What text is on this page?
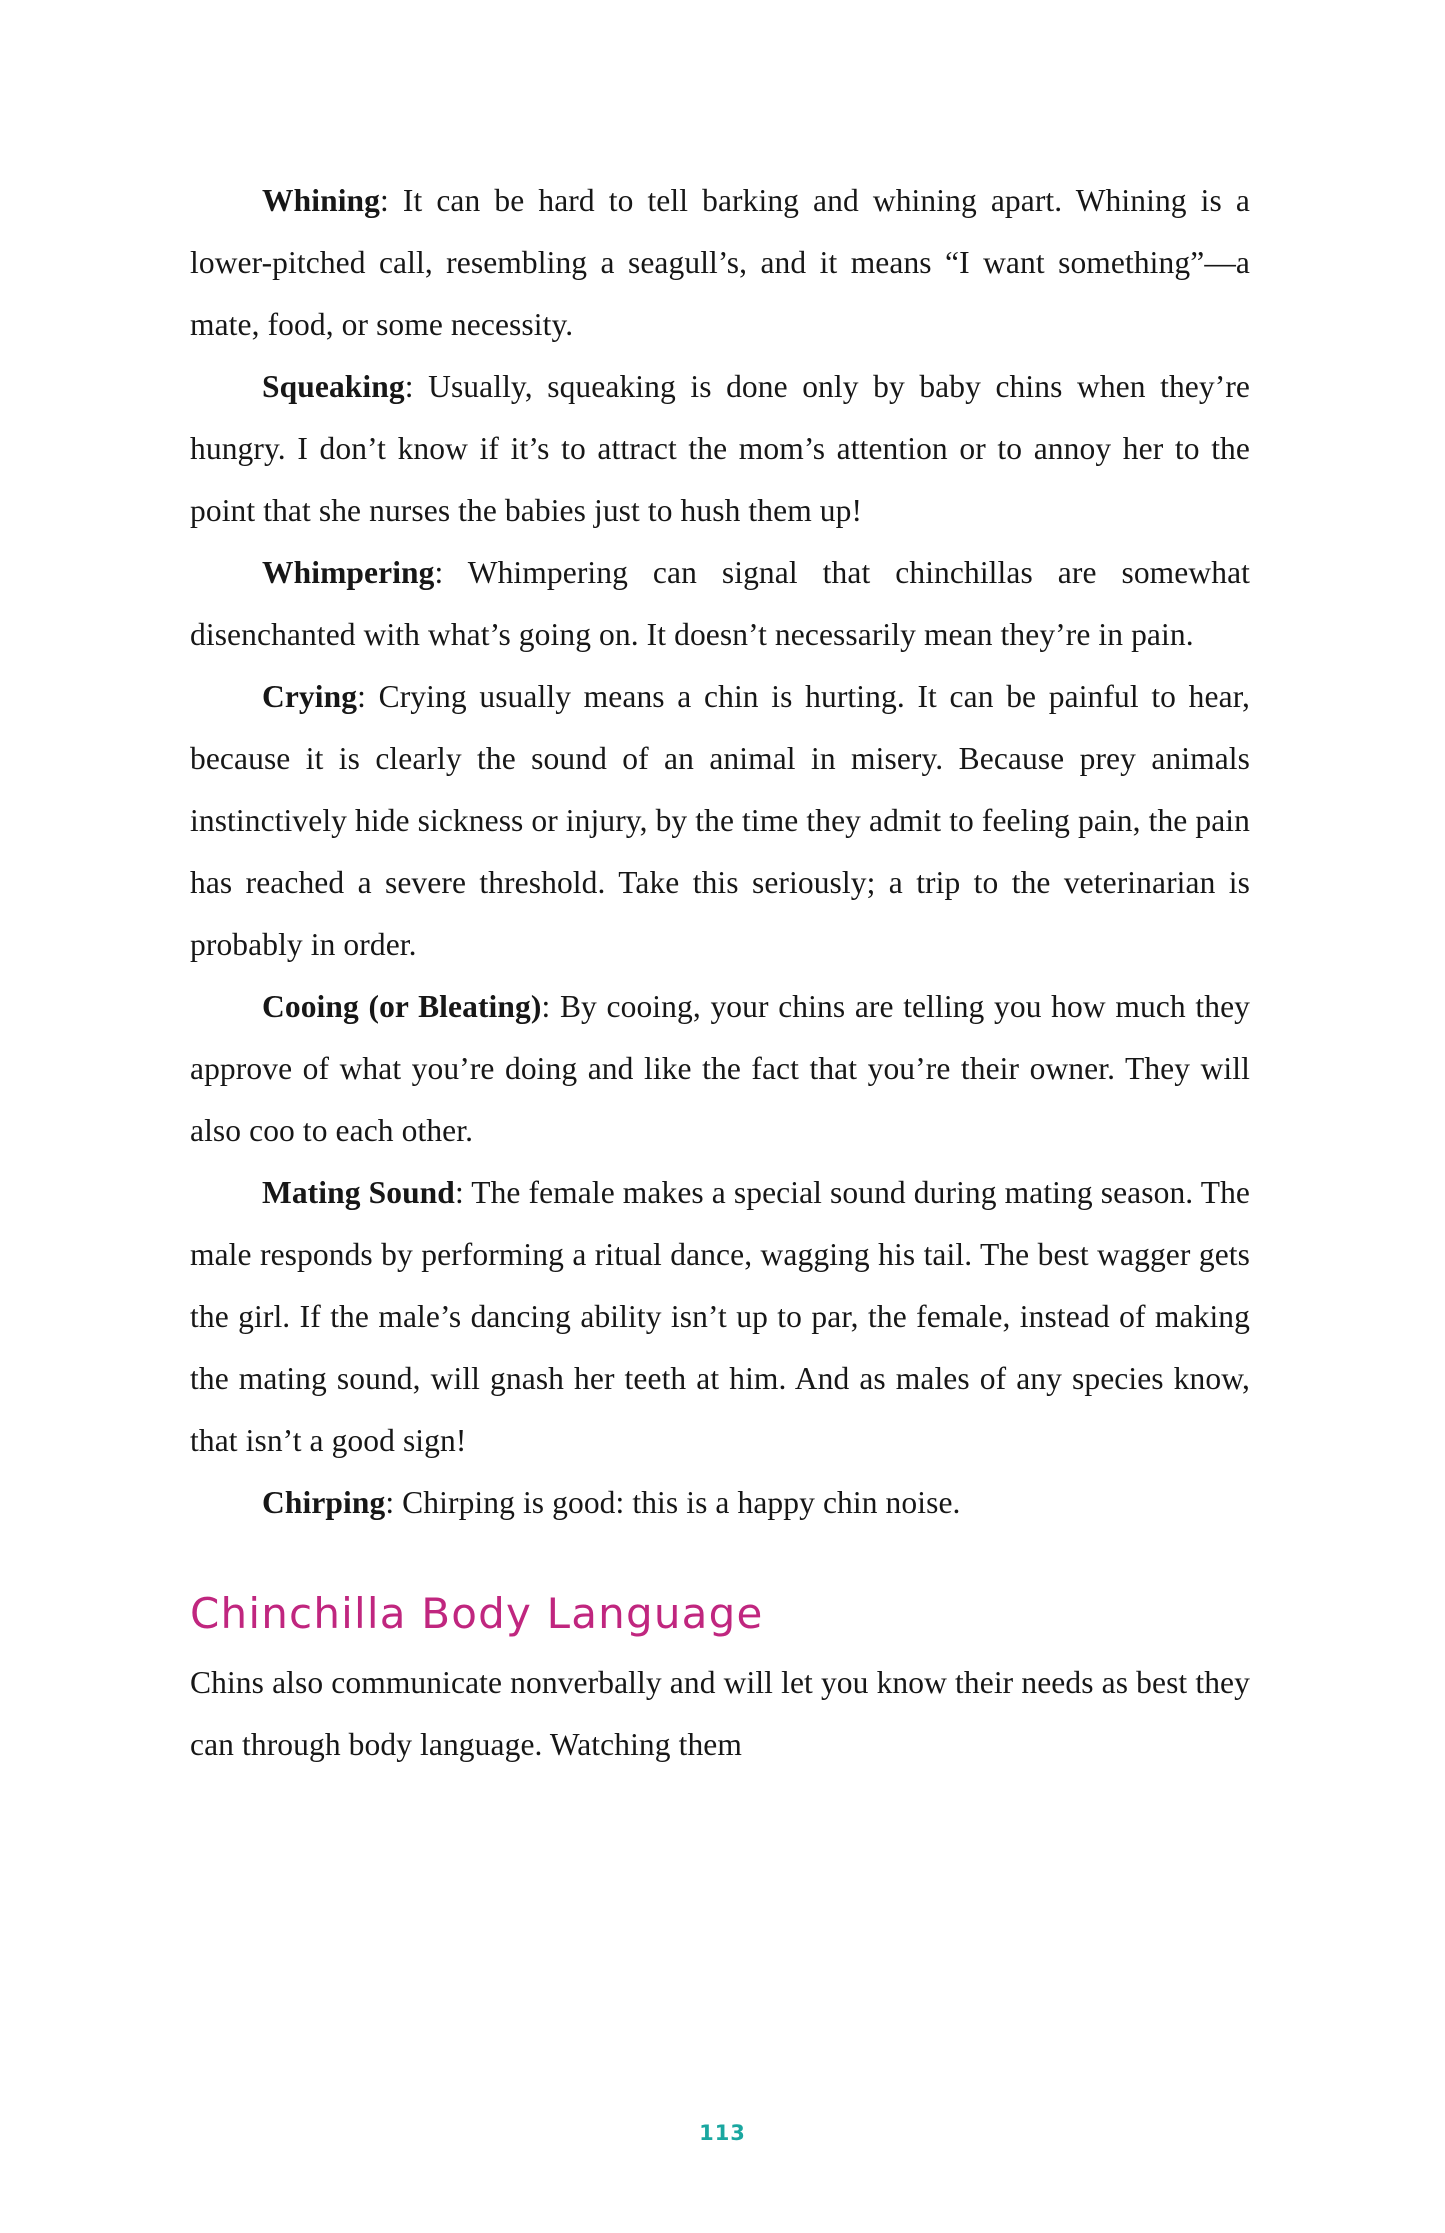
Whining: It can be hard to tell barking and whining apart. Whining is a lower-pitched call, resembling a seagull’s, and it means “I want something”—a mate, food, or some necessity.

Squeaking: Usually, squeaking is done only by baby chins when they’re hungry. I don’t know if it’s to attract the mom’s attention or to annoy her to the point that she nurses the babies just to hush them up!

Whimpering: Whimpering can signal that chinchillas are somewhat disenchanted with what’s going on. It doesn’t necessarily mean they’re in pain.

Crying: Crying usually means a chin is hurting. It can be painful to hear, because it is clearly the sound of an animal in misery. Because prey animals instinctively hide sickness or injury, by the time they admit to feeling pain, the pain has reached a severe threshold. Take this seriously; a trip to the veterinarian is probably in order.

Cooing (or Bleating): By cooing, your chins are telling you how much they approve of what you’re doing and like the fact that you’re their owner. They will also coo to each other.

Mating Sound: The female makes a special sound during mating season. The male responds by performing a ritual dance, wagging his tail. The best wagger gets the girl. If the male’s dancing ability isn’t up to par, the female, instead of making the mating sound, will gnash her teeth at him. And as males of any species know, that isn’t a good sign!

Chirping: Chirping is good: this is a happy chin noise.

Chinchilla Body Language

Chins also communicate nonverbally and will let you know their needs as best they can through body language. Watching them

113
